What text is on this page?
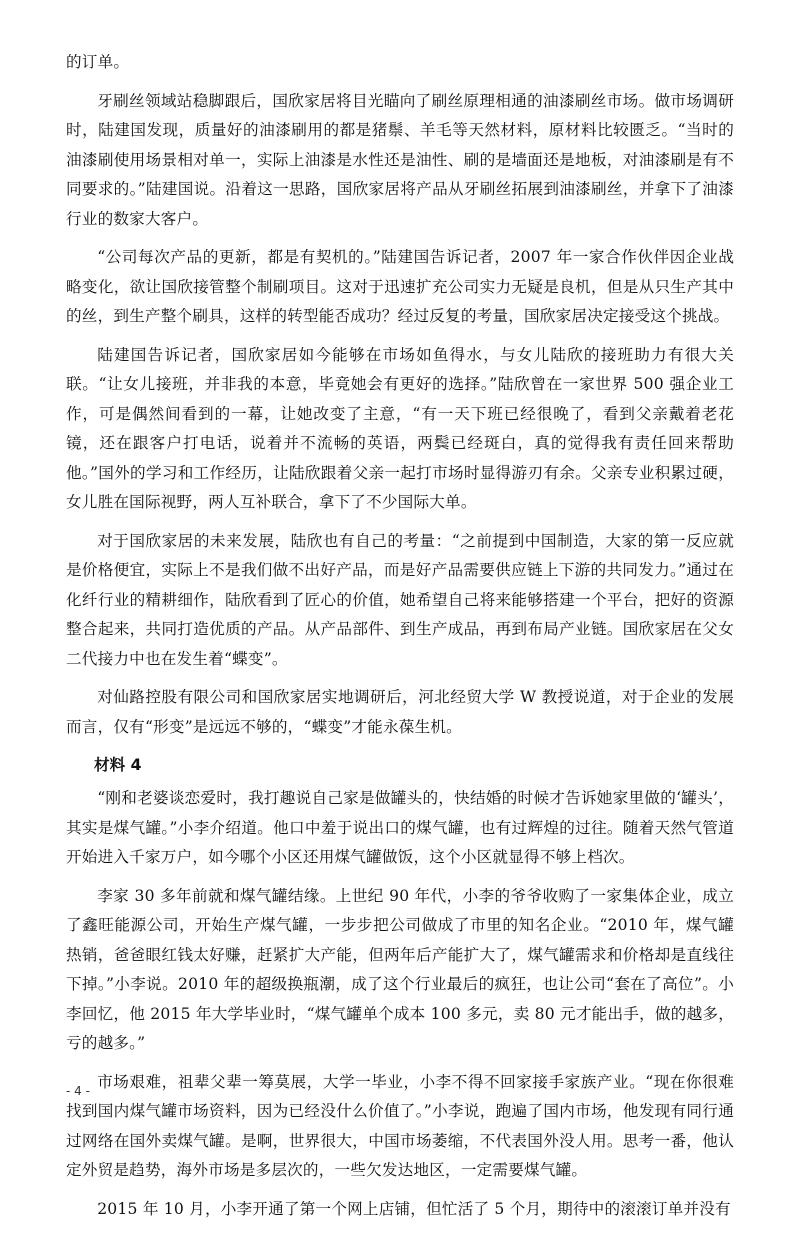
的订单。

牙刷丝领域站稳脚跟后，国欣家居将目光瞄向了刷丝原理相通的油漆刷丝市场。做市场调研时，陆建国发现，质量好的油漆刷用的都是猪鬃、羊毛等天然材料，原材料比较匮乏。“当时的油漆刷使用场景相对单一，实际上油漆是水性还是油性、刷的是墙面还是地板，对油漆刷是有不同要求的。”陆建国说。沿着这一思路，国欣家居将产品从牙刷丝拓展到油漆刷丝，并拿下了油漆行业的数家大客户。

“公司每次产品的更新，都是有契机的。”陆建国告诉记者，2007 年一家合作伙伴因企业战略变化，欲让国欣接管整个制刷项目。这对于迅速扩充公司实力无疑是良机，但是从只生产其中的丝，到生产整个刷具，这样的转型能否成功？经过反复的考量，国欣家居决定接受这个挑战。

陆建国告诉记者，国欣家居如今能够在市场如鱼得水，与女儿陆欣的接班助力有很大关联。“让女儿接班，并非我的本意，毕竟她会有更好的选择。”陆欣曾在一家世界 500 强企业工作，可是偶然间看到的一幕，让她改变了主意，“有一天下班已经很晚了，看到父亲戴着老花镜，还在跟客户打电话，说着并不流畅的英语，两鬓已经斑白，真的觉得我有责任回来帮助他。”国外的学习和工作经历，让陆欣跟着父亲一起打市场时显得游刃有余。父亲专业积累过硬，女儿胜在国际视野，两人互补联合，拿下了不少国际大单。

对于国欣家居的未来发展，陆欣也有自己的考量：“之前提到中国制造，大家的第一反应就是价格便宜，实际上不是我们做不出好产品，而是好产品需要供应链上下游的共同发力。”通过在化纤行业的精耕细作，陆欣看到了匠心的价值，她希望自己将来能够搭建一个平台，把好的资源整合起来，共同打造优质的产品。从产品部件、到生产成品，再到布局产业链。国欣家居在父女二代接力中也在发生着“蝶变”。

对仙路控股有限公司和国欣家居实地调研后，河北经贸大学 W 教授说道，对于企业的发展而言，仅有“形变”是远远不够的，“蝶变”才能永葆生机。

材料 4

“刚和老婆谈恋爱时，我打趣说自己家是做罐头的，快结婚的时候才告诉她家里做的‘罐头’，其实是煤气罐。”小李介绍道。他口中羞于说出口的煤气罐，也有过辉煌的过往。随着天然气管道开始进入千家万户，如今哪个小区还用煤气罐做饭，这个小区就显得不够上档次。

李家 30 多年前就和煤气罐结缘。上世纪 90 年代，小李的爷爷收购了一家集体企业，成立了鑫旺能源公司，开始生产煤气罐，一步步把公司做成了市里的知名企业。“2010 年，煤气罐热销，爸爸眼红钱太好赚，赶紧扩大产能，但两年后产能扩大了，煤气罐需求和价格却是直线往下掉。”小李说。2010 年的超级换瓶潮，成了这个行业最后的疯狂，也让公司“套在了高位”。小李回忆，他 2015 年大学毕业时，“煤气罐单个成本 100 多元，卖 80 元才能出手，做的越多，亏的越多。”

市场艰难，祖辈父辈一筹莫展，大学一毕业，小李不得不回家接手家族产业。“现在你很难找到国内煤气罐市场资料，因为已经没什么价值了。”小李说，跑遍了国内市场，他发现有同行通过网络在国外卖煤气罐。是啊，世界很大，中国市场萎缩，不代表国外没人用。思考一番，他认定外贸是趋势，海外市场是多层次的，一些欠发达地区，一定需要煤气罐。

2015 年 10 月，小李开通了第一个网上店铺，但忙活了 5 个月，期待中的滚滚订单并没有

- 4 -
